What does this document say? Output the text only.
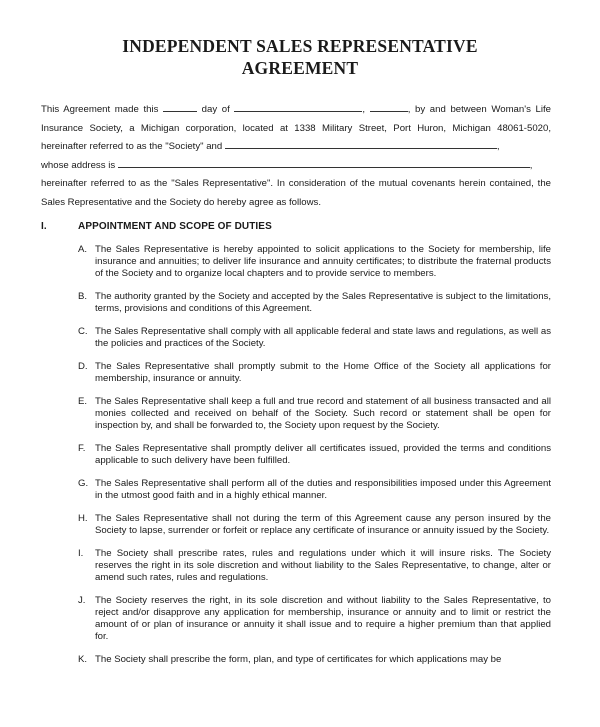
INDEPENDENT SALES REPRESENTATIVE
AGREEMENT

This Agreement made this	day of	,	, by and between Woman's Life Insurance Society, a Michigan corporation, located at 1338 Military Street, Port Huron, Michigan 48061-5020, hereinafter referred to as the "Society" and	,

whose address is	,

hereinafter referred to as the "Sales Representative". In consideration of the mutual covenants herein contained, the Sales Representative and the Society do hereby agree as follows.

I.	APPOINTMENT AND SCOPE OF DUTIES
A. The Sales Representative is hereby appointed to solicit applications to the Society for membership, life insurance and annuities; to deliver life insurance and annuity certificates; to distribute the fraternal products of the Society and to organize local chapters and to provide service to members.
B. The authority granted by the Society and accepted by the Sales Representative is subject to the limitations, terms, provisions and conditions of this Agreement.
C. The Sales Representative shall comply with all applicable federal and state laws and regulations, as well as the policies and practices of the Society.
D. The Sales Representative shall promptly submit to the Home Office of the Society all applications for membership, insurance or annuity.
E. The Sales Representative shall keep a full and true record and statement of all business transacted and all monies collected and received on behalf of the Society. Such record or statement shall be open for inspection by, and shall be forwarded to, the Society upon request by the Society.
F. The Sales Representative shall promptly deliver all certificates issued, provided the terms and conditions applicable to such delivery have been fulfilled.
G. The Sales Representative shall perform all of the duties and responsibilities imposed under this Agreement in the utmost good faith and in a highly ethical manner.
H. The Sales Representative shall not during the term of this Agreement cause any person insured by the Society to lapse, surrender or forfeit or replace any certificate of insurance or annuity issued by the Society.
I. The Society shall prescribe rates, rules and regulations under which it will insure risks. The Society reserves the right in its sole discretion and without liability to the Sales Representative, to change, alter or amend such rates, rules and regulations.
J. The Society reserves the right, in its sole discretion and without liability to the Sales Representative, to reject and/or disapprove any application for membership, insurance or annuity and to limit or restrict the amount of or plan of insurance or annuity it shall issue and to require a higher premium than that applied for.
K. The Society shall prescribe the form, plan, and type of certificates for which applications may be
